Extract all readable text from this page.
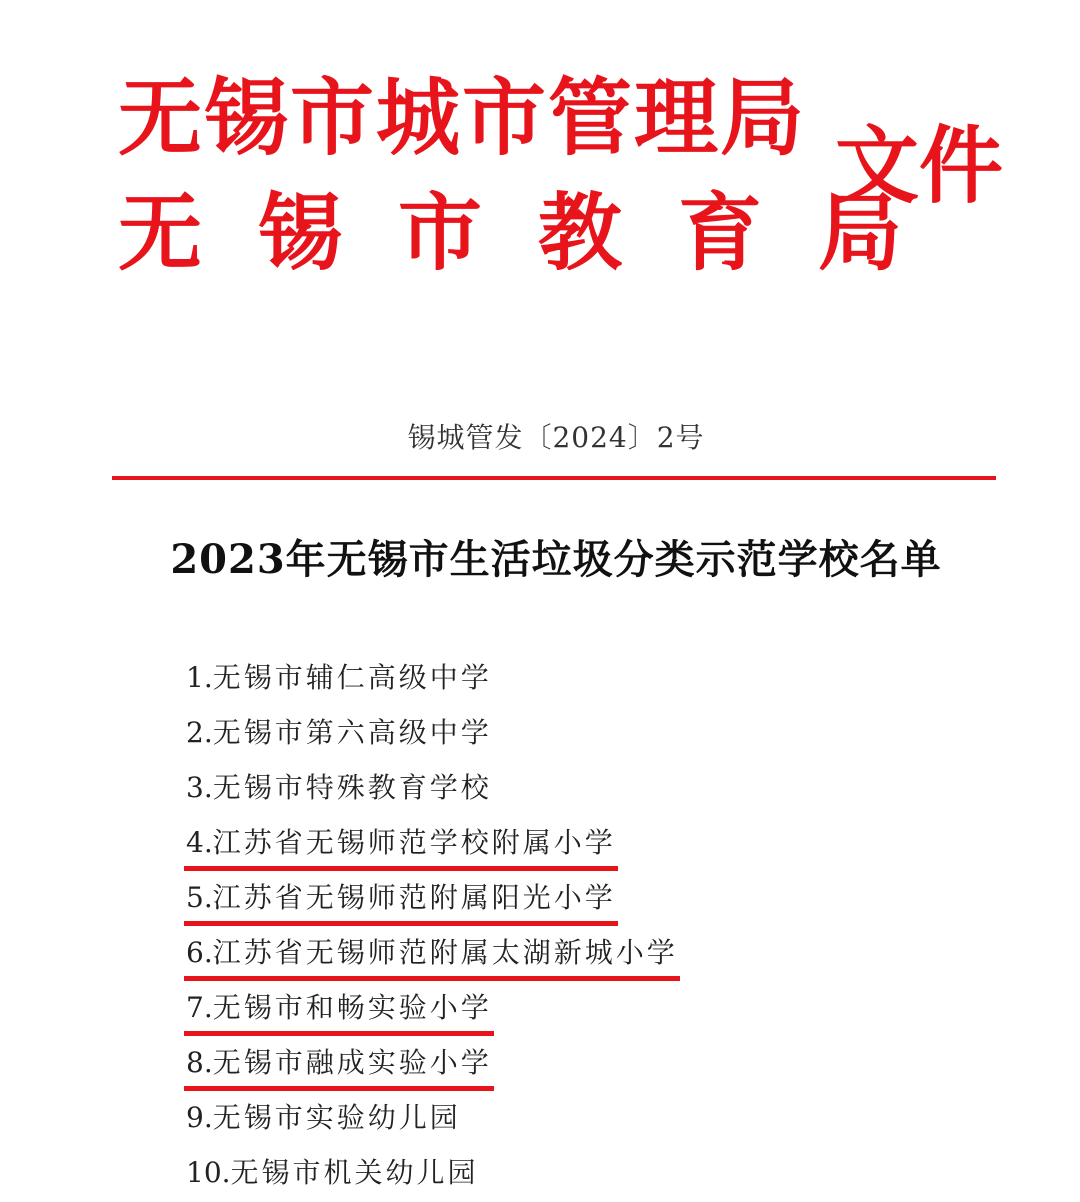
无锡市城市管理局
无锡市教育局
文件
锡城管发〔2024〕2号
2023年无锡市生活垃圾分类示范学校名单
1.无锡市辅仁高级中学
2.无锡市第六高级中学
3.无锡市特殊教育学校
4.江苏省无锡师范学校附属小学
5.江苏省无锡师范附属阳光小学
6.江苏省无锡师范附属太湖新城小学
7.无锡市和畅实验小学
8.无锡市融成实验小学
9.无锡市实验幼儿园
10.无锡市机关幼儿园
